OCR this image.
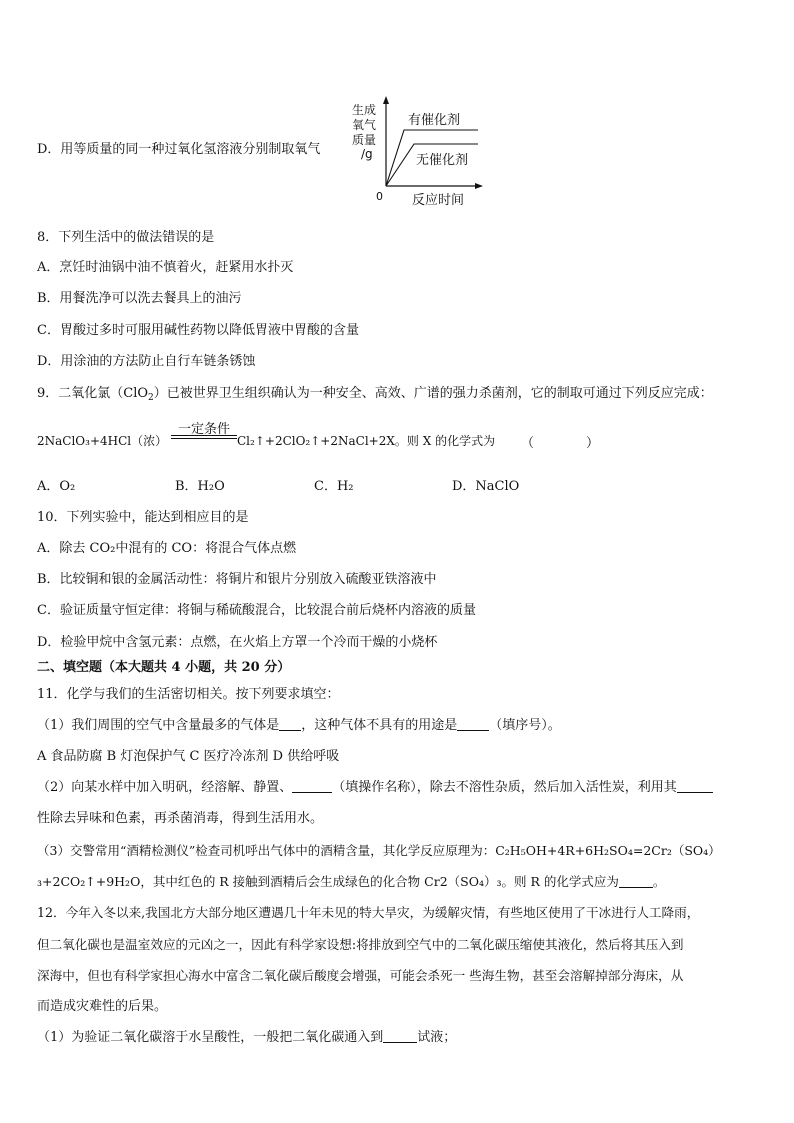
D．用等质量的同一种过氧化氢溶液分别制取氧气
生成
氧气
质量
/g
有催化剂
无催化剂
0 反应时间
8．下列生活中的做法错误的是
A．烹饪时油锅中油不慎着火，赶紧用水扑灭
B．用餐洗净可以洗去餐具上的油污
C．胃酸过多时可服用碱性药物以降低胃液中胃酸的含量
D．用涂油的方法防止自行车链条锈蚀
9．二氧化氯（ClO$_2$）已被世界卫生组织确认为一种安全、高效、广谱的强力杀菌剂，它的制取可通过下列反应完成：
2NaClO₃+4HCl（浓）
一定条件
Cl₂↑+2ClO₂↑+2NaCl+2X。则 X 的化学式为 （　　　　）
A．O₂	B．H₂O	C．H₂	D．NaClO
10．下列实验中，能达到相应目的是
A．除去 CO₂中混有的 CO：将混合气体点燃
B．比较铜和银的金属活动性：将铜片和银片分别放入硫酸亚铁溶液中
C．验证质量守恒定律：将铜与稀硫酸混合，比较混合前后烧杯内溶液的质量
D．检验甲烷中含氢元素：点燃，在火焰上方罩一个冷而干燥的小烧杯
二、填空题（本大题共 4 小题，共 20 分）
11．化学与我们的生活密切相关。按下列要求填空：
（1）我们周围的空气中含量最多的气体是 ，这种气体不具有的用途是 （填序号）。
A 食品防腐 B 灯泡保护气 C 医疗冷冻剂 D 供给呼吸
（2）向某水样中加入明矾，经溶解、静置、	（填操作名称），除去不溶性杂质，然后加入活性炭，利用其
性除去异味和色素，再杀菌消毒，得到生活用水。
（3）交警常用“酒精检测仪”检查司机呼出气体中的酒精含量，其化学反应原理为：C₂H₅OH+4R+6H₂SO₄=2Cr₂（SO₄）
₃+2CO₂↑+9H₂O，其中红色的 R 接触到酒精后会生成绿色的化合物 Cr2（SO₄）₃。则 R 的化学式应为	。
12．今年入冬以来,我国北方大部分地区遭遇几十年未见的特大旱灾，为缓解灾情，有些地区使用了干冰进行人工降雨，
但二氧化碳也是温室效应的元凶之一，因此有科学家设想:将排放到空气中的二氧化碳压缩使其液化，然后将其压入到
深海中，但也有科学家担心海水中富含二氧化碳后酸度会增强，可能会杀死一 些海生物，甚至会溶解掉部分海床，从
而造成灾难性的后果。
（1）为验证二氧化碳溶于水呈酸性，一般把二氧化碳通入到	试液；
